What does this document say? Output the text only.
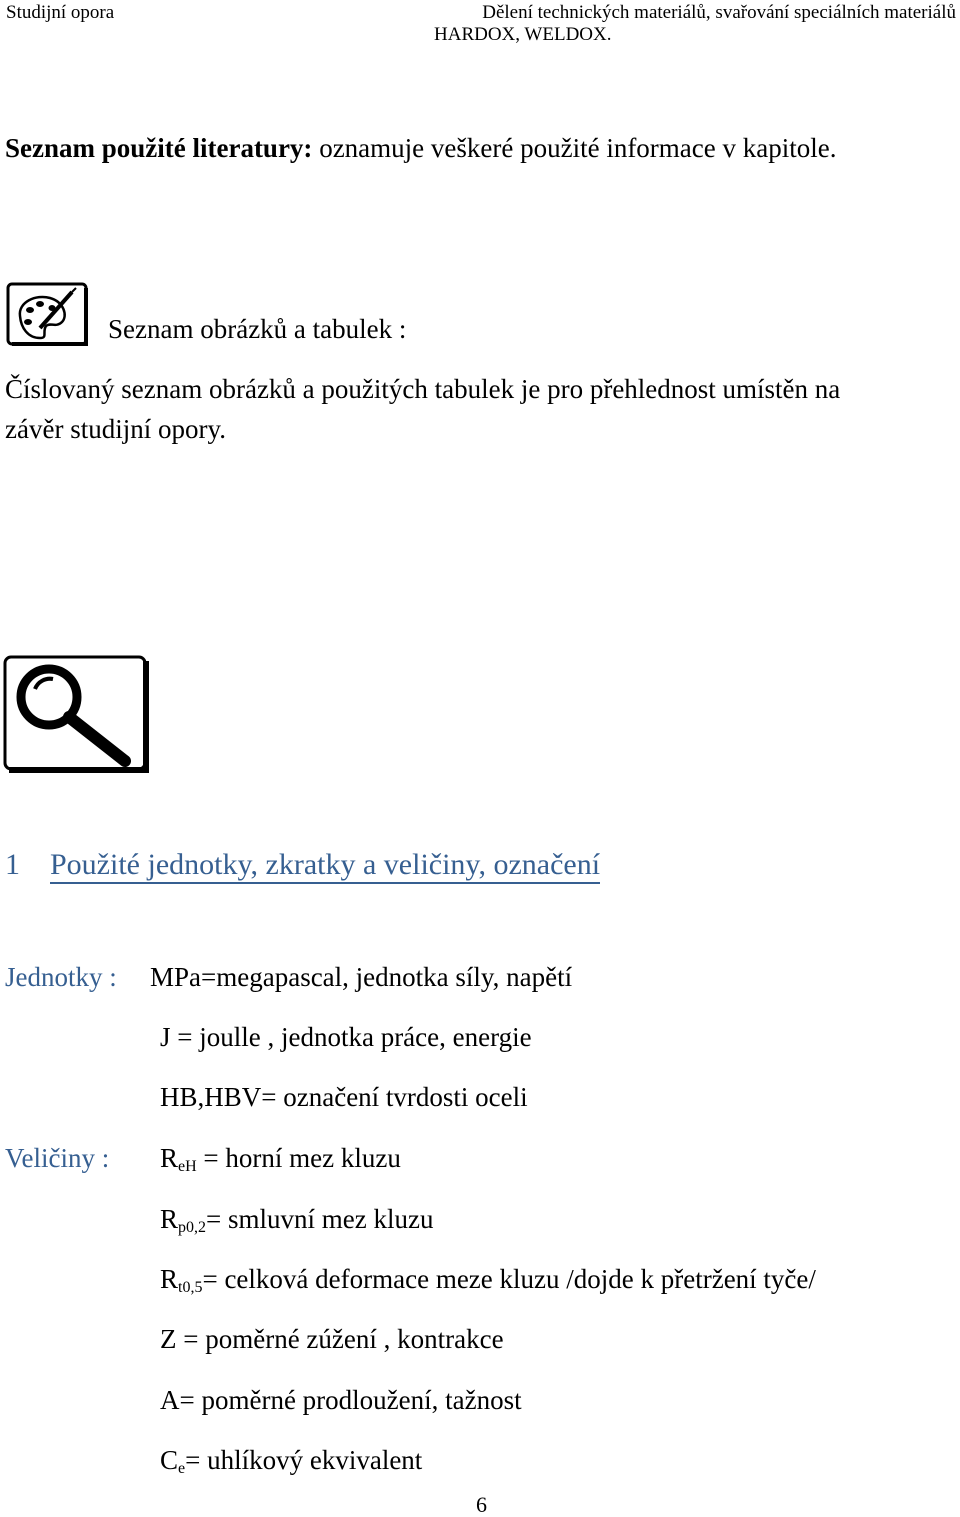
Studijní opora	Dělení technických materiálů, svařování speciálních materiálů
HARDOX, WELDOX.
Seznam použité literatury: oznamuje veškeré použité informace v kapitole.
Seznam obrázků a tabulek :
Číslovaný seznam obrázků a použitých tabulek je pro přehlednost umístěn na
závěr studijní opory.
1 Použité jednotky, zkratky a veličiny, označení
Jednotky : MPa=megapascal, jednotka síly, napětí
J = joulle , jednotka práce, energie
HB,HBV= označení tvrdosti oceli
Veličiny : $R_{eH}$ = horní mez kluzu
$R_{p0,2}=$ smluvní mez kluzu
$R_{t0,5}=$ celková deformace meze kluzu /dojde k přetržení tyče/
Z = poměrné zúžení , kontrakce
A= poměrné prodloužení, tažnost
$C_e=$ uhlíkový ekvivalent
6
